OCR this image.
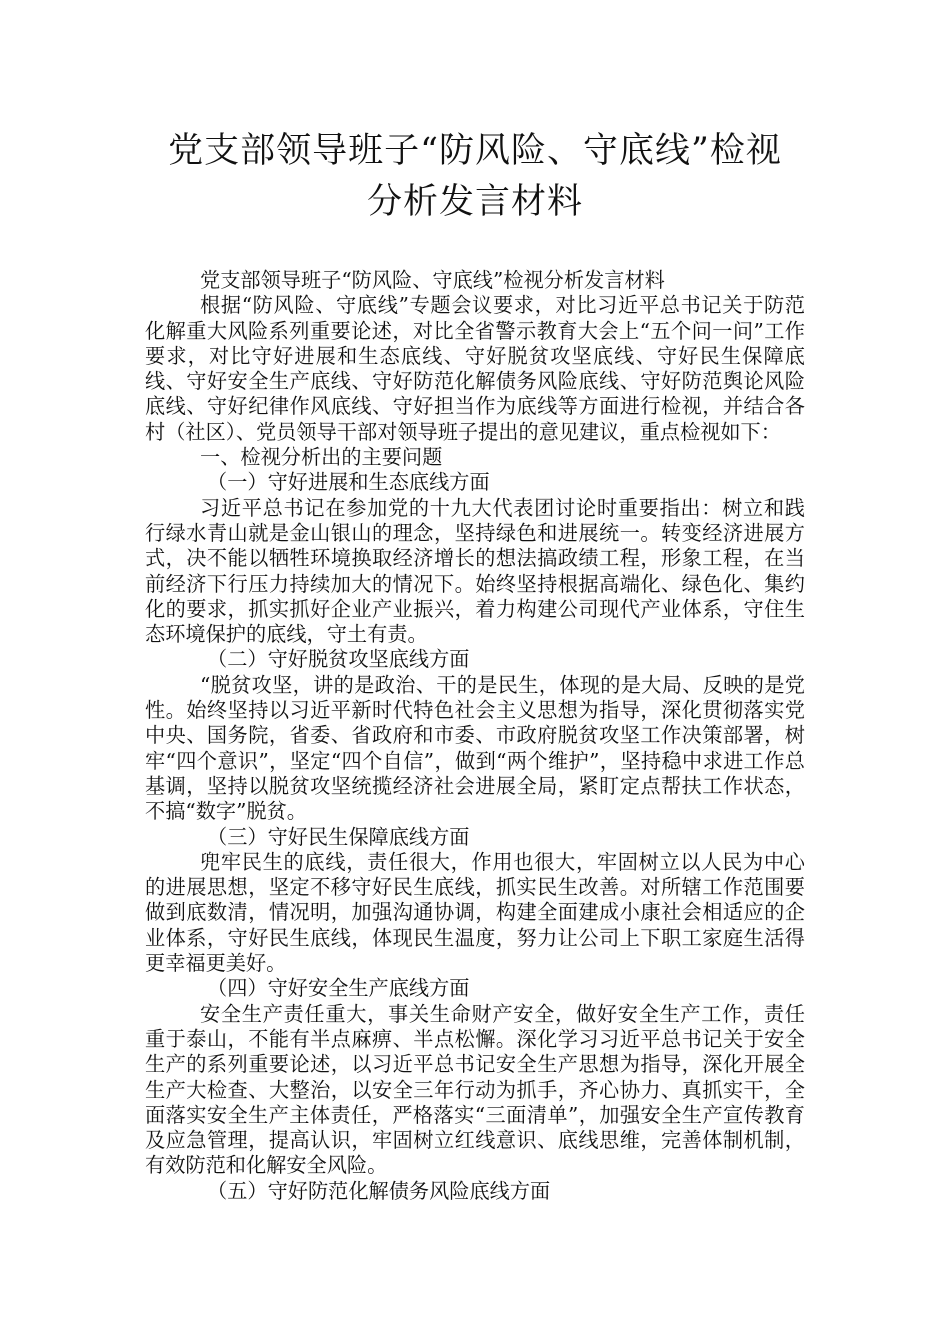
党支部领导班子“防风险、守底线”检视
分析发言材料

党支部领导班子“防风险、守底线”检视分析发言材料

根据“防风险、守底线”专题会议要求，对比习近平总书记关于防范化解重大风险系列重要论述，对比全省警示教育大会上“五个问一问”工作要求，对比守好进展和生态底线、守好脱贫攻坚底线、守好民生保障底线、守好安全生产底线、守好防范化解债务风险底线、守好防范舆论风险底线、守好纪律作风底线、守好担当作为底线等方面进行检视，并结合各村（社区）、党员领导干部对领导班子提出的意见建议，重点检视如下：

一、检视分析出的主要问题

（一）守好进展和生态底线方面

习近平总书记在参加党的十九大代表团讨论时重要指出：树立和践行绿水青山就是金山银山的理念，坚持绿色和进展统一。转变经济进展方式，决不能以牺牲环境换取经济增长的想法搞政绩工程，形象工程，在当前经济下行压力持续加大的情况下。始终坚持根据高端化、绿色化、集约化的要求，抓实抓好企业产业振兴，着力构建公司现代产业体系，守住生态环境保护的底线，守土有责。

（二）守好脱贫攻坚底线方面

“脱贫攻坚，讲的是政治、干的是民生，体现的是大局、反映的是党性。始终坚持以习近平新时代特色社会主义思想为指导，深化贯彻落实党中央、国务院，省委、省政府和市委、市政府脱贫攻坚工作决策部署，树牢“四个意识”，坚定“四个自信”，做到“两个维护”，坚持稳中求进工作总基调，坚持以脱贫攻坚统揽经济社会进展全局，紧盯定点帮扶工作状态，不搞“数字”脱贫。

（三）守好民生保障底线方面

兜牢民生的底线，责任很大，作用也很大，牢固树立以人民为中心的进展思想，坚定不移守好民生底线，抓实民生改善。对所辖工作范围要做到底数清，情况明，加强沟通协调，构建全面建成小康社会相适应的企业体系，守好民生底线，体现民生温度，努力让公司上下职工家庭生活得更幸福更美好。

（四）守好安全生产底线方面

安全生产责任重大，事关生命财产安全，做好安全生产工作，责任重于泰山，不能有半点麻痹、半点松懈。深化学习习近平总书记关于安全生产的系列重要论述，以习近平总书记安全生产思想为指导，深化开展全生产大检查、大整治，以安全三年行动为抓手，齐心协力、真抓实干，全面落实安全生产主体责任，严格落实“三面清单”，加强安全生产宣传教育及应急管理，提高认识，牢固树立红线意识、底线思维，完善体制机制，有效防范和化解安全风险。

（五）守好防范化解债务风险底线方面
